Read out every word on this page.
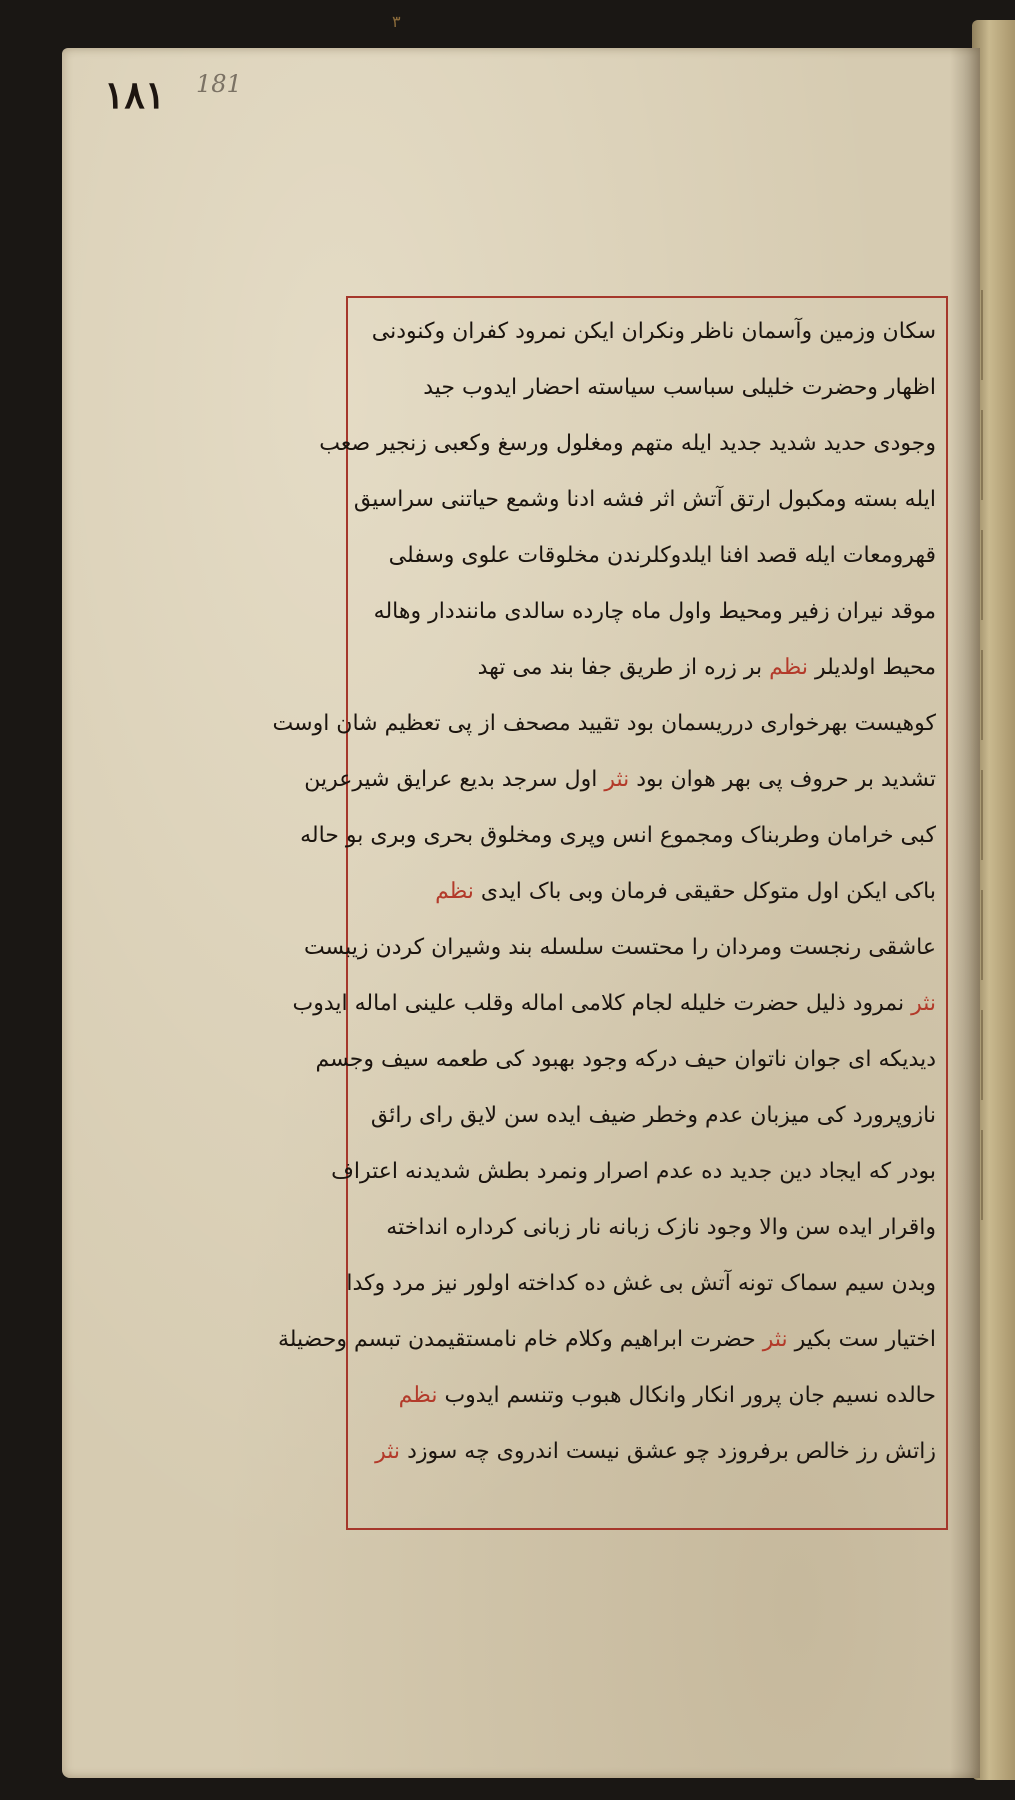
٣
١٨١ 181
سکان وزمین وآسمان ناظر ونکران ایکن نمرود کفران وکنودنی
اظهار وحضرت خلیلی سباسب سیاسته احضار ایدوب جید
وجودی حدید شدید جدید ایله متهم ومغلول ورسغ وکعبی زنجیر صعب
ایله بسته ومکبول ارتق آتش اثر فشه ادنا وشمع حیاتنی سراسیق
قهرومعات ایله قصد افنا ایلدوکلرندن مخلوقات علوی وسفلی
موقد نیران زفیر ومحیط واول ماه چارده سالدی ماننددار وهاله
محیط اولدیلر نظم بر زره از طریق جفا بند می تهد
کوهیست بهرخواری درریسمان بود تقیید مصحف از پی تعظیم شان اوست
تشدید بر حروف پی بهر هوان بود نثر اول سرجد بدیع عرایق شیرعرین
کبی خرامان وطربناک ومجموع انس وپری ومخلوق بحری وبری بو حاله
باکی ایکن اول متوکل حقیقی فرمان وبی باک ایدی نظم
عاشقی رنجست ومردان را محتست سلسله بند وشیران کردن زیبست
نثر نمرود ذلیل حضرت خلیله لجام کلامی اماله وقلب علینی اماله ایدوب
دیدیکه ای جوان ناتوان حیف درکه وجود بهبود کی طعمه سیف وجسم
نازوپرورد کی میزبان عدم وخطر ضیف ایده سن لایق رای رائق
بودر که ایجاد دین جدید ده عدم اصرار ونمرد بطش شدیدنه اعتراف
واقرار ایده سن والا وجود نازک زبانه نار زبانی کرداره انداخته
وبدن سیم سماک تونه آتش بی غش ده کداخته اولور نیز مرد وکدا
اختیار ست بکیر نثر حضرت ابراهیم وکلام خام نامستقیمدن تبسم وحضیلة
حالده نسیم جان پرور انکار وانکال هبوب وتنسم ایدوب نظم
زاتش رز خالص برفروزد چو عشق نیست اندروی چه سوزد نثر
